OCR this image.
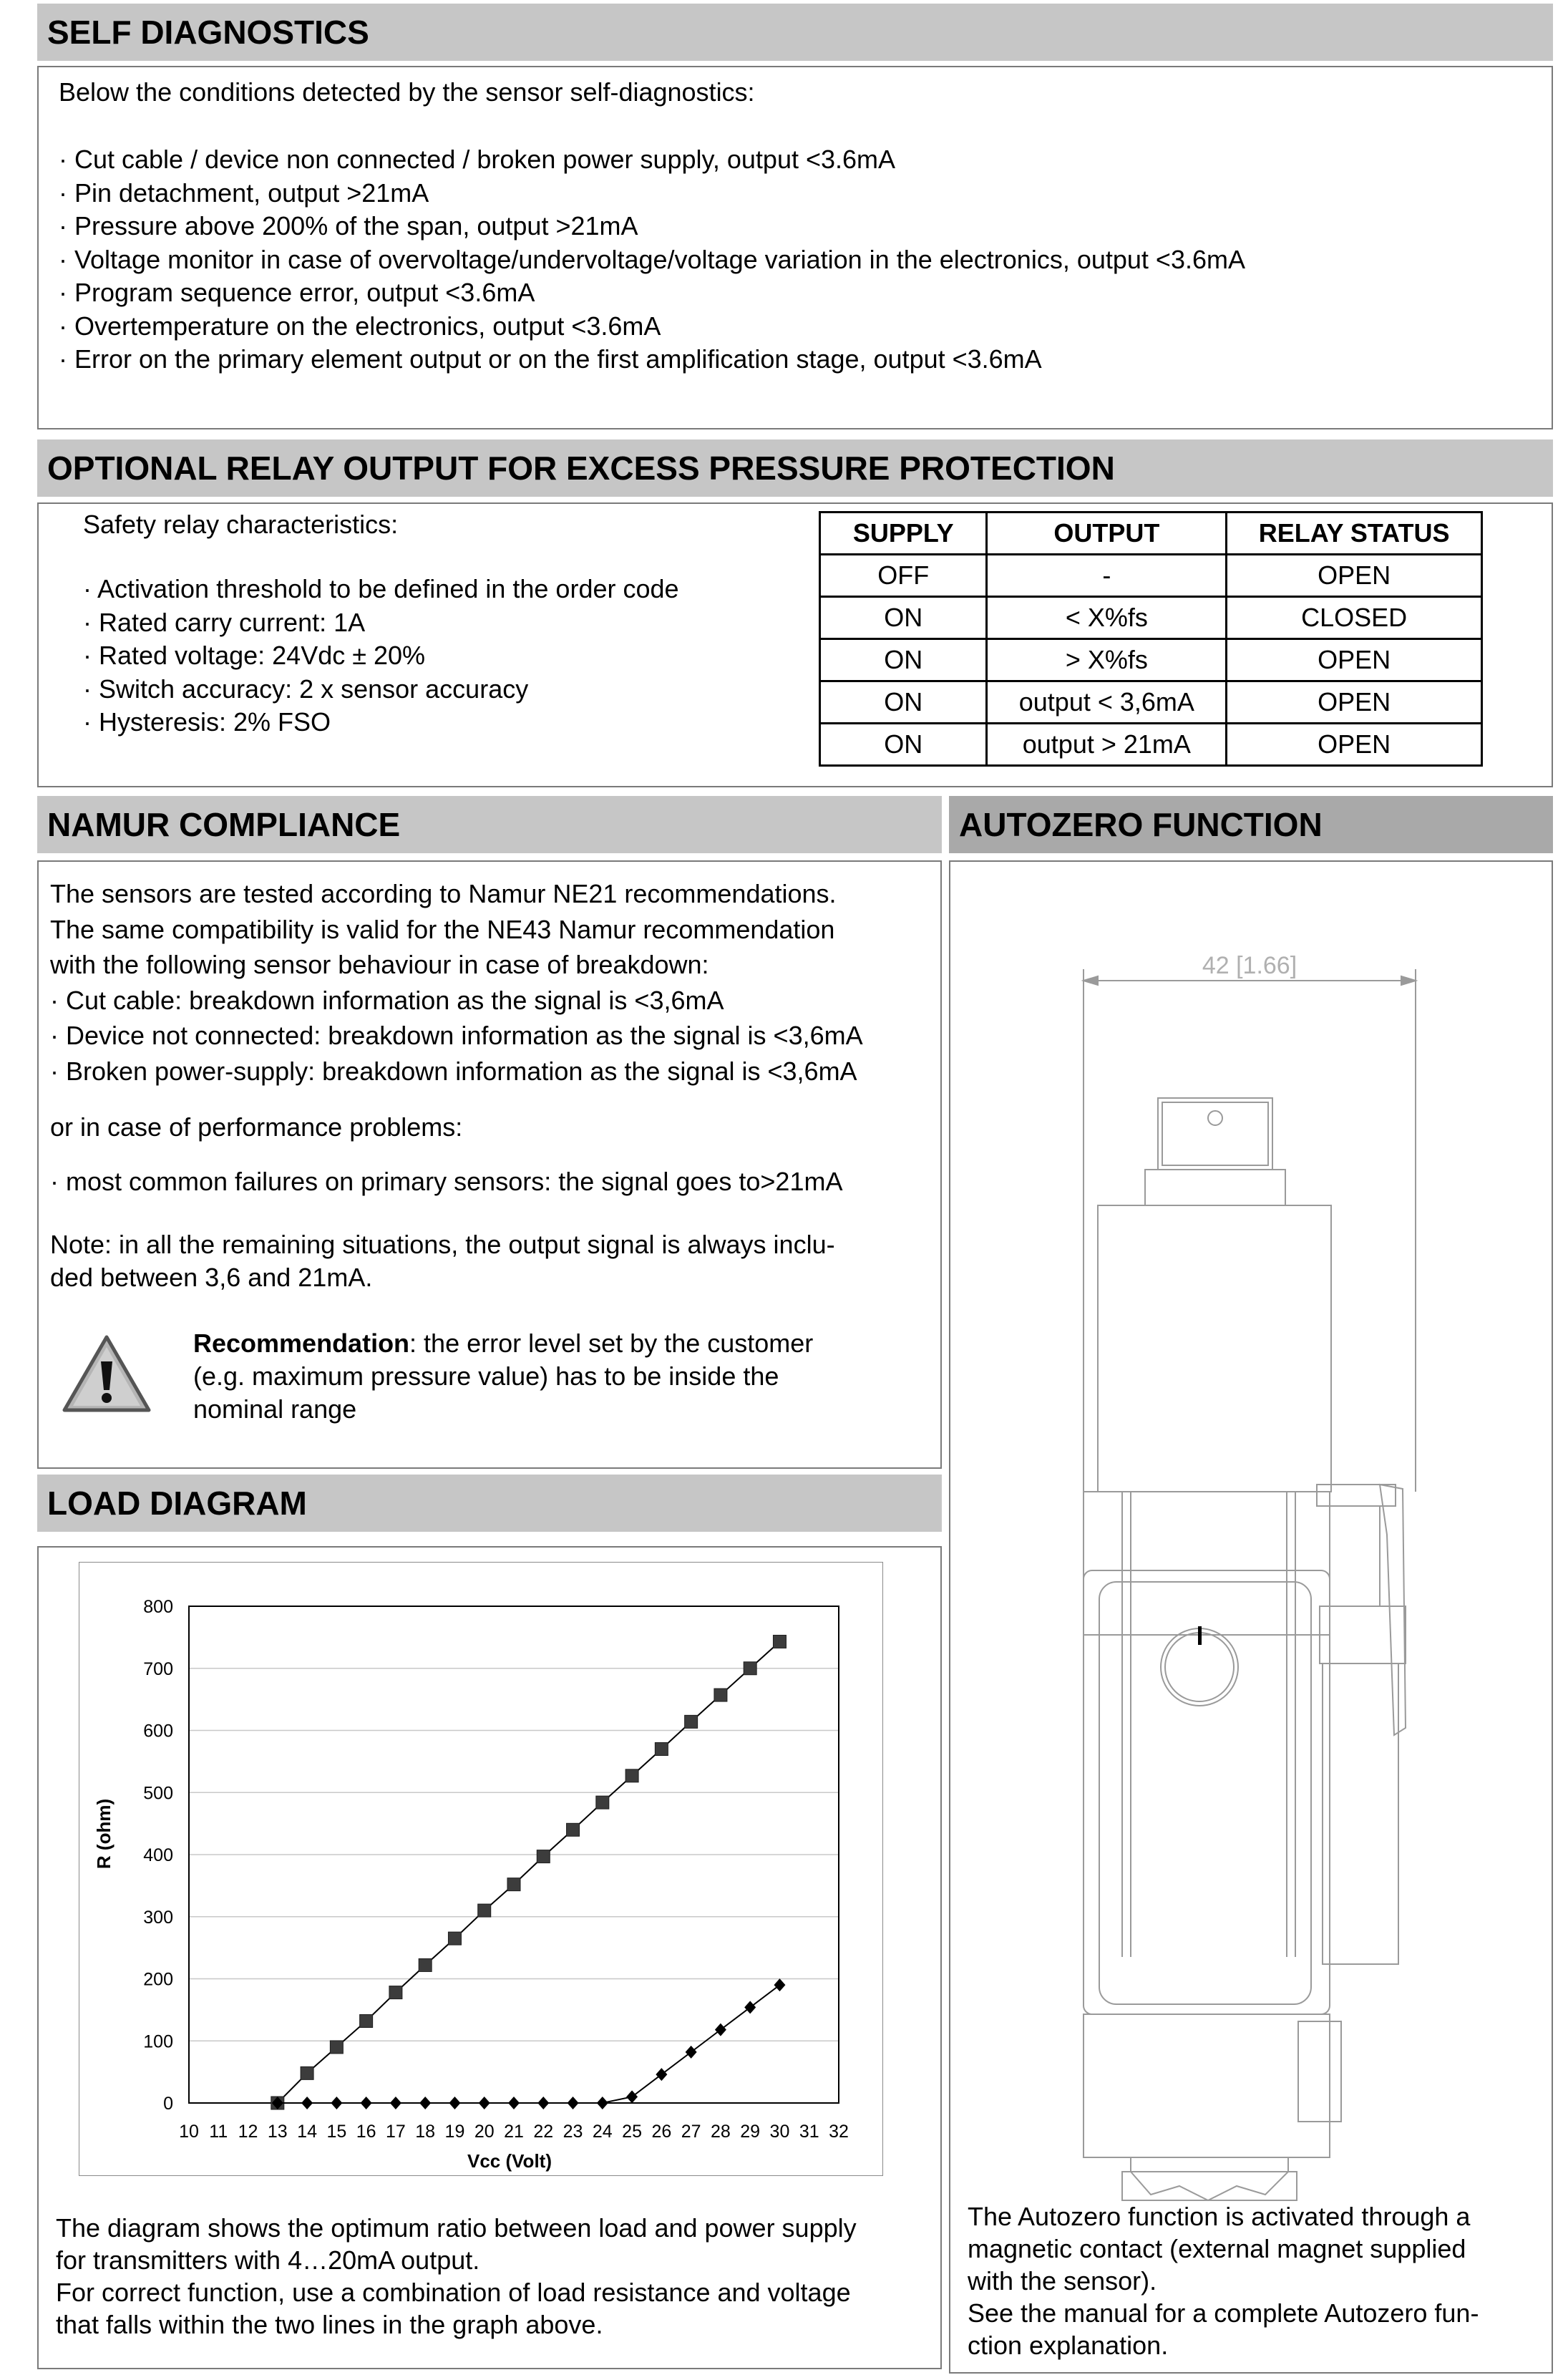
SELF DIAGNOSTICS
Below the conditions detected by the sensor self-diagnostics:
· Cut cable / device non connected / broken power supply, output <3.6mA
· Pin detachment, output >21mA
· Pressure above 200% of the span, output >21mA
· Voltage monitor in case of overvoltage/undervoltage/voltage variation in the electronics, output <3.6mA
· Program sequence error, output <3.6mA
· Overtemperature on the electronics, output <3.6mA
· Error on the primary element output or on the first amplification stage, output <3.6mA
OPTIONAL RELAY OUTPUT FOR EXCESS PRESSURE PROTECTION
Safety relay characteristics:
· Activation threshold to be defined in the order code
· Rated carry current: 1A
· Rated voltage: 24Vdc ± 20%
· Switch accuracy: 2 x sensor accuracy
· Hysteresis: 2% FSO
SUPPLY	OUTPUT	RELAY STATUS
OFF	-	OPEN
ON	< X%fs	CLOSED
ON	> X%fs	OPEN
ON	output < 3,6mA	OPEN
ON	output > 21mA	OPEN
NAMUR COMPLIANCE
The sensors are tested according to Namur NE21 recommendations.
The same compatibility is valid for the NE43 Namur recommendation
with the following sensor behaviour in case of breakdown:
· Cut cable: breakdown information as the signal is <3,6mA
· Device not connected: breakdown information as the signal is <3,6mA
· Broken power-supply: breakdown information as the signal is <3,6mA
or in case of performance problems:
· most common failures on primary sensors: the signal goes to>21mA
Note: in all the remaining situations, the output signal is always inclu-
ded between 3,6 and 21mA.
Recommendation: the error level set by the customer
(e.g. maximum pressure value) has to be inside the
nominal range
AUTOZERO FUNCTION
42 [1.66]
The Autozero function is activated through a
magnetic contact (external magnet supplied
with the sensor).
See the manual for a complete Autozero fun-
ction explanation.
LOAD DIAGRAM
0
100
200
300
400
500
600
700
800
10 11 12 13 14 15 16 17 18 19 20 21 22 23 24 25 26 27 28 29 30 31 32
Vcc (Volt)
R (ohm)
The diagram shows the optimum ratio between load and power supply
for transmitters with 4…20mA output.
For correct function, use a combination of load resistance and voltage
that falls within the two lines in the graph above.
